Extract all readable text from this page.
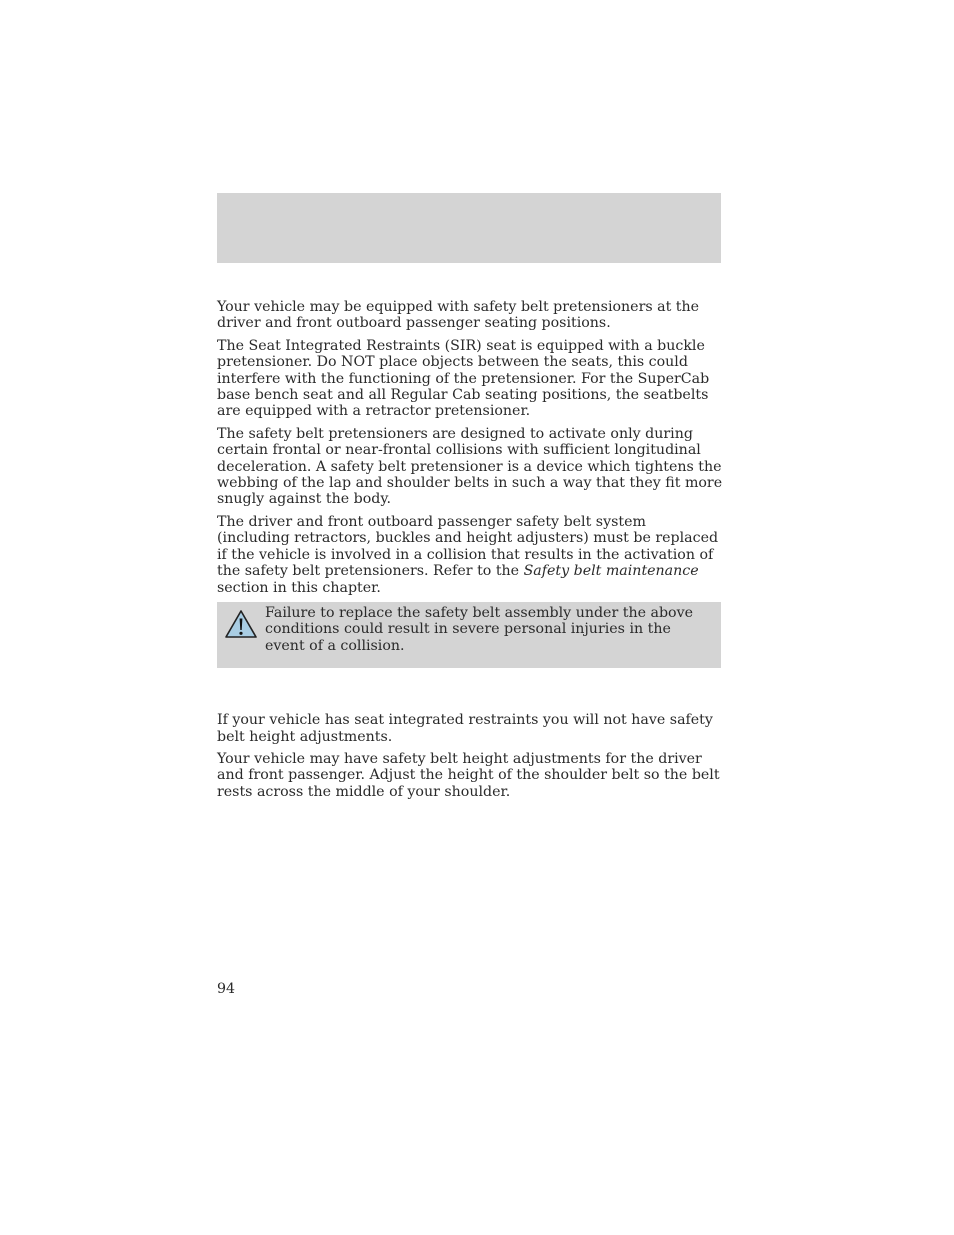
Your vehicle may be equipped with safety belt pretensioners at the driver and front outboard passenger seating positions.

The Seat Integrated Restraints (SIR) seat is equipped with a buckle pretensioner. Do NOT place objects between the seats, this could interfere with the functioning of the pretensioner. For the SuperCab base bench seat and all Regular Cab seating positions, the seatbelts are equipped with a retractor pretensioner.

The safety belt pretensioners are designed to activate only during certain frontal or near-frontal collisions with sufficient longitudinal deceleration. A safety belt pretensioner is a device which tightens the webbing of the lap and shoulder belts in such a way that they fit more snugly against the body.

The driver and front outboard passenger safety belt system (including retractors, buckles and height adjusters) must be replaced if the vehicle is involved in a collision that results in the activation of the safety belt pretensioners. Refer to the Safety belt maintenance section in this chapter.

Failure to replace the safety belt assembly under the above conditions could result in severe personal injuries in the event of a collision.

If your vehicle has seat integrated restraints you will not have safety belt height adjustments.

Your vehicle may have safety belt height adjustments for the driver and front passenger. Adjust the height of the shoulder belt so the belt rests across the middle of your shoulder.

94
